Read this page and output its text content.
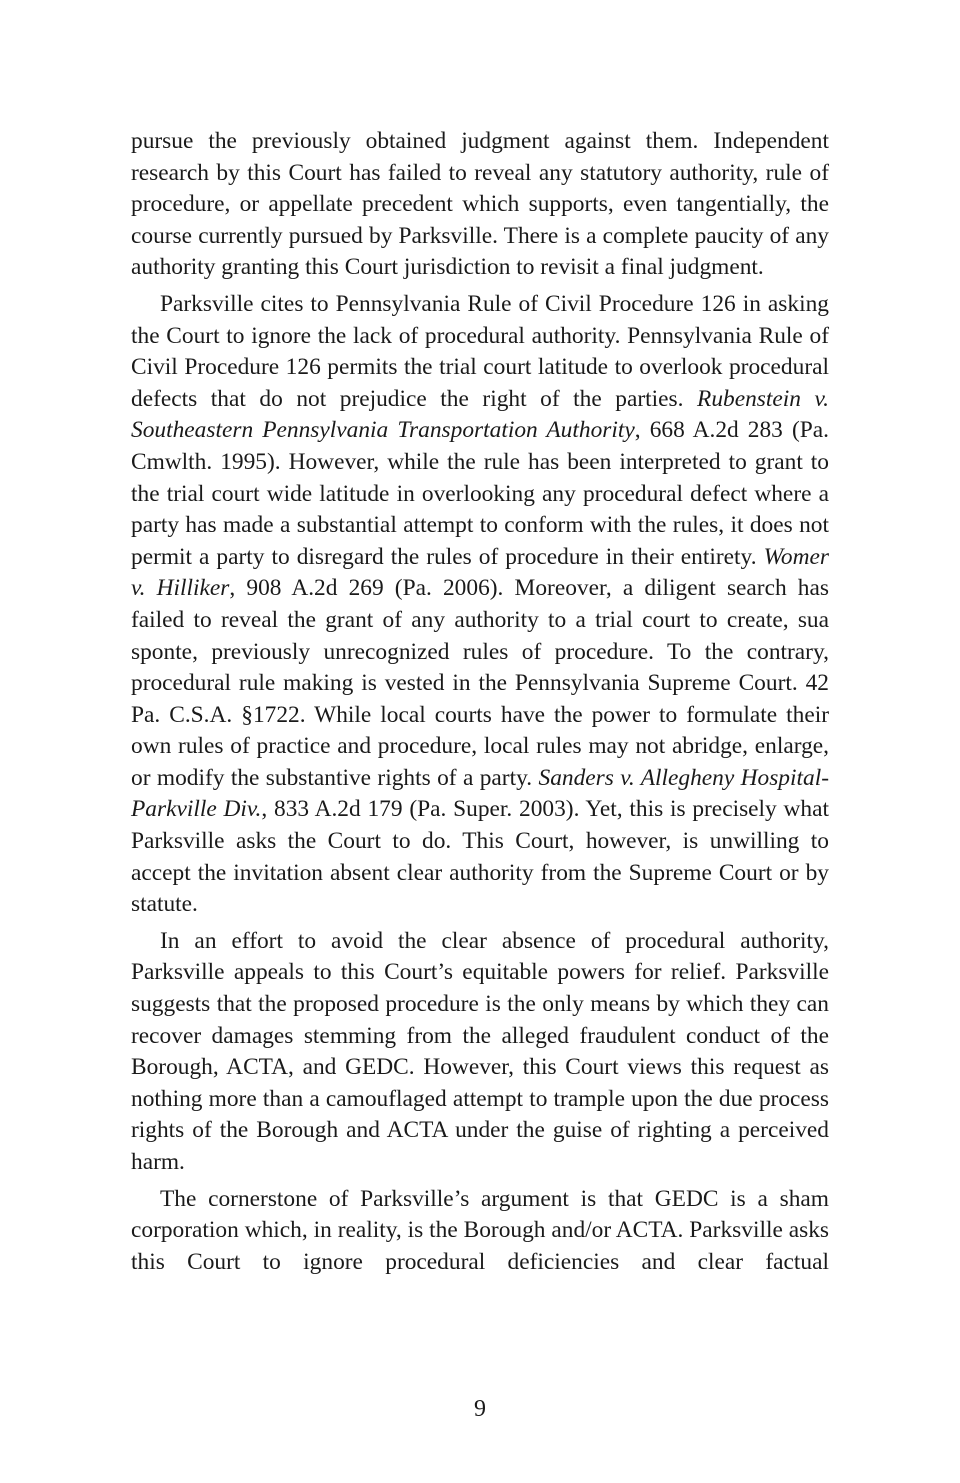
pursue the previously obtained judgment against them. Independent research by this Court has failed to reveal any statutory authority, rule of procedure, or appellate precedent which supports, even tangentially, the course currently pursued by Parksville. There is a complete paucity of any authority granting this Court jurisdiction to revisit a final judgment.

Parksville cites to Pennsylvania Rule of Civil Procedure 126 in asking the Court to ignore the lack of procedural authority. Pennsylvania Rule of Civil Procedure 126 permits the trial court latitude to overlook procedural defects that do not prejudice the right of the parties. Rubenstein v. Southeastern Pennsylvania Transportation Authority, 668 A.2d 283 (Pa. Cmwlth. 1995). However, while the rule has been interpreted to grant to the trial court wide latitude in overlooking any procedural defect where a party has made a substantial attempt to conform with the rules, it does not permit a party to disregard the rules of procedure in their entirety. Womer v. Hilliker, 908 A.2d 269 (Pa. 2006). Moreover, a diligent search has failed to reveal the grant of any authority to a trial court to create, sua sponte, previously unrecognized rules of procedure. To the contrary, procedural rule making is vested in the Pennsylvania Supreme Court. 42 Pa. C.S.A. §1722. While local courts have the power to formulate their own rules of practice and procedure, local rules may not abridge, enlarge, or modify the substantive rights of a party. Sanders v. Allegheny Hospital-Parkville Div., 833 A.2d 179 (Pa. Super. 2003). Yet, this is precisely what Parksville asks the Court to do. This Court, however, is unwilling to accept the invitation absent clear authority from the Supreme Court or by statute.

In an effort to avoid the clear absence of procedural authority, Parksville appeals to this Court’s equitable powers for relief. Parksville suggests that the proposed procedure is the only means by which they can recover damages stemming from the alleged fraudulent conduct of the Borough, ACTA, and GEDC. However, this Court views this request as nothing more than a camouflaged attempt to trample upon the due process rights of the Borough and ACTA under the guise of righting a perceived harm.

The cornerstone of Parksville’s argument is that GEDC is a sham corporation which, in reality, is the Borough and/or ACTA. Parksville asks this Court to ignore procedural deficiencies and clear factual

9
